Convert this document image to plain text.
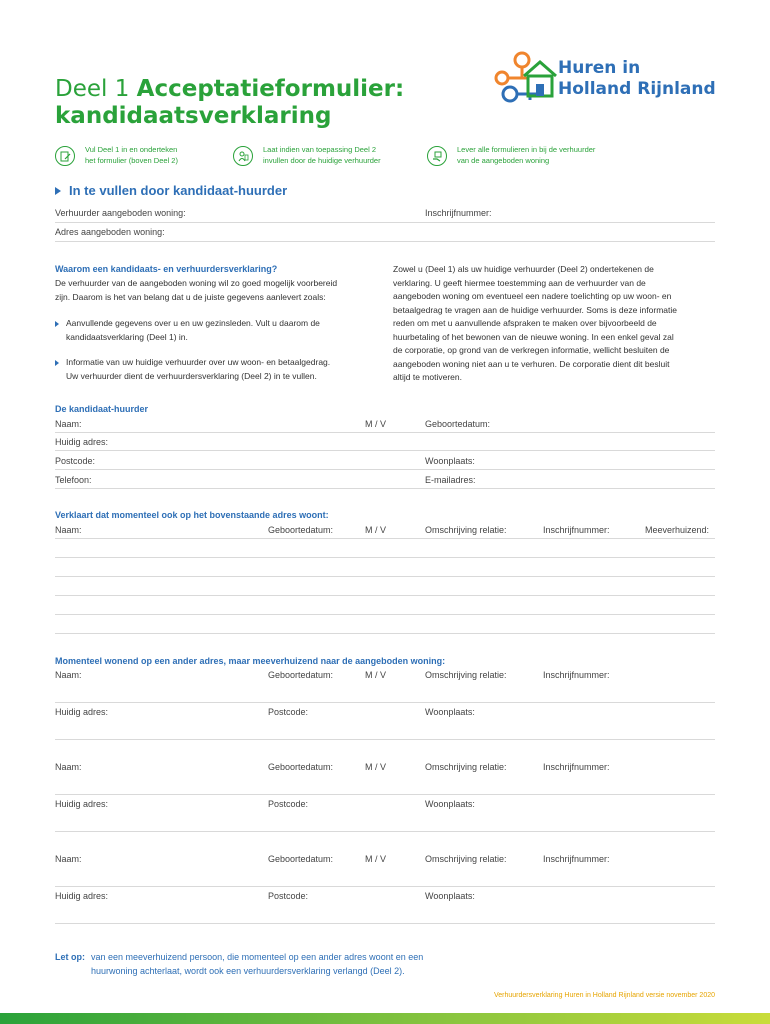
Deel 1 Acceptatieformulier:
kandidaatsverklaring
Huren in
Holland Rijnland
Vul Deel 1 in en onderteken
het formulier (boven Deel 2)
Laat indien van toepassing Deel 2
invullen door de huidige verhuurder
Lever alle formulieren in bij de verhuurder
van de aangeboden woning
In te vullen door kandidaat-huurder
Verhuurder aangeboden woning:	Inschrijfnummer:
Adres aangeboden woning:
Waarom een kandidaats- en verhuurdersverklaring?
De verhuurder van de aangeboden woning wil zo goed mogelijk voorbereid
zijn. Daarom is het van belang dat u de juiste gegevens aanlevert zoals:
Aanvullende gegevens over u en uw gezinsleden. Vult u daarom de
kandidaatsverklaring (Deel 1) in.
Informatie van uw huidige verhuurder over uw woon- en betaalgedrag.
Uw verhuurder dient de verhuurdersverklaring (Deel 2) in te vullen.
Zowel u (Deel 1) als uw huidige verhuurder (Deel 2) ondertekenen de
verklaring. U geeft hiermee toestemming aan de verhuurder van de
aangeboden woning om eventueel een nadere toelichting op uw woon- en
betaalgedrag te vragen aan de huidige verhuurder. Soms is deze informatie
reden om met u aanvullende afspraken te maken over bijvoorbeeld de
huurbetaling of het bewonen van de nieuwe woning. In een enkel geval zal
de corporatie, op grond van de verkregen informatie, wellicht besluiten de
aangeboden woning niet aan u te verhuren. De corporatie dient dit besluit
altijd te motiveren.
De kandidaat-huurder
Naam:	M / V	Geboortedatum:
Huidig adres:
Postcode:	Woonplaats:
Telefoon:	E-mailadres:
Verklaart dat momenteel ook op het bovenstaande adres woont:
Naam:	Geboortedatum:	M / V	Omschrijving relatie:	Inschrijfnummer:	Meeverhuizend:
Momenteel wonend op een ander adres, maar meeverhuizend naar de aangeboden woning:
Naam:	Geboortedatum:	M / V	Omschrijving relatie:	Inschrijfnummer:
Huidig adres:	Postcode:	Woonplaats:
Naam:	Geboortedatum:	M / V	Omschrijving relatie:	Inschrijfnummer:
Huidig adres:	Postcode:	Woonplaats:
Naam:	Geboortedatum:	M / V	Omschrijving relatie:	Inschrijfnummer:
Huidig adres:	Postcode:	Woonplaats:
Let op: van een meeverhuizend persoon, die momenteel op een ander adres woont en een
huurwoning achterlaat, wordt ook een verhuurdersverklaring verlangd (Deel 2).
Verhuurdersverklaring Huren in Holland Rijnland versie november 2020
